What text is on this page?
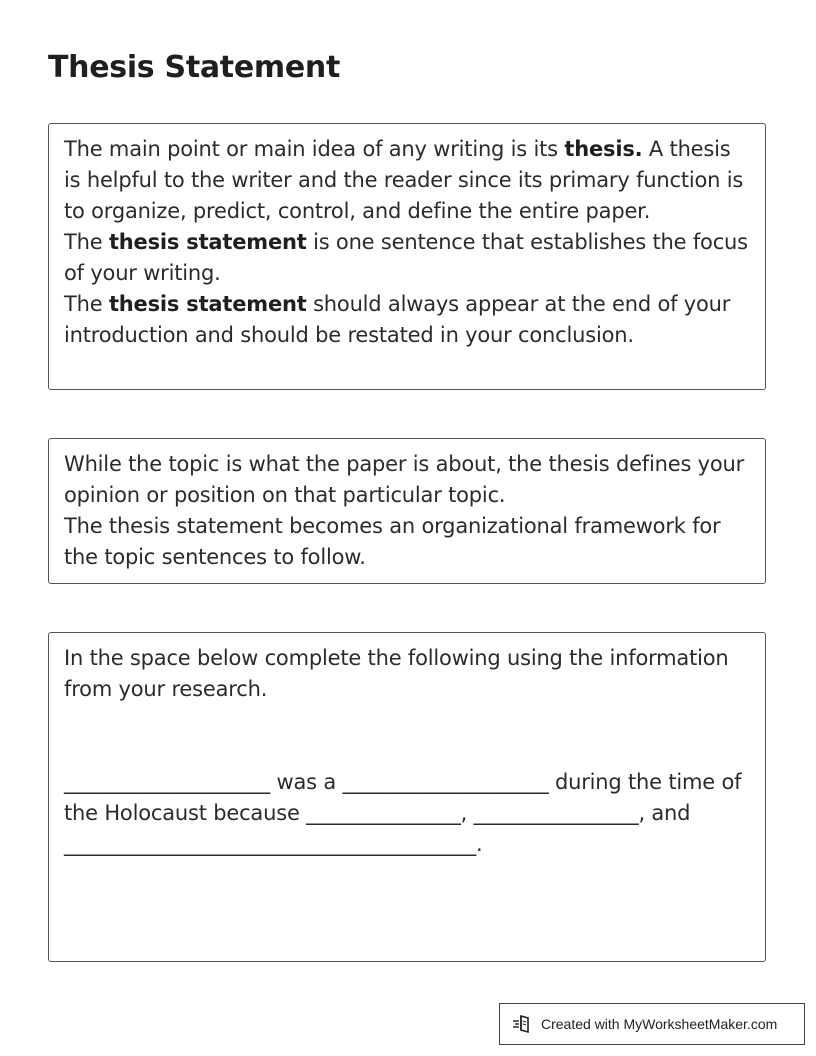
Thesis Statement

The main point or main idea of any writing is its thesis. A thesis is helpful to the writer and the reader since its primary function is to organize, predict, control, and define the entire paper.

The thesis statement is one sentence that establishes the focus of your writing.

The thesis statement should always appear at the end of your introduction and should be restated in your conclusion.

While the topic is what the paper is about, the thesis defines your opinion or position on that particular topic.

The thesis statement becomes an organizational framework for the topic sentences to follow.

In the space below complete the following using the information from your research.

____________________ was a ____________________ during the time of the Holocaust because _______________, ________________, and ________________________________________.

Created with MyWorksheetMaker.com
